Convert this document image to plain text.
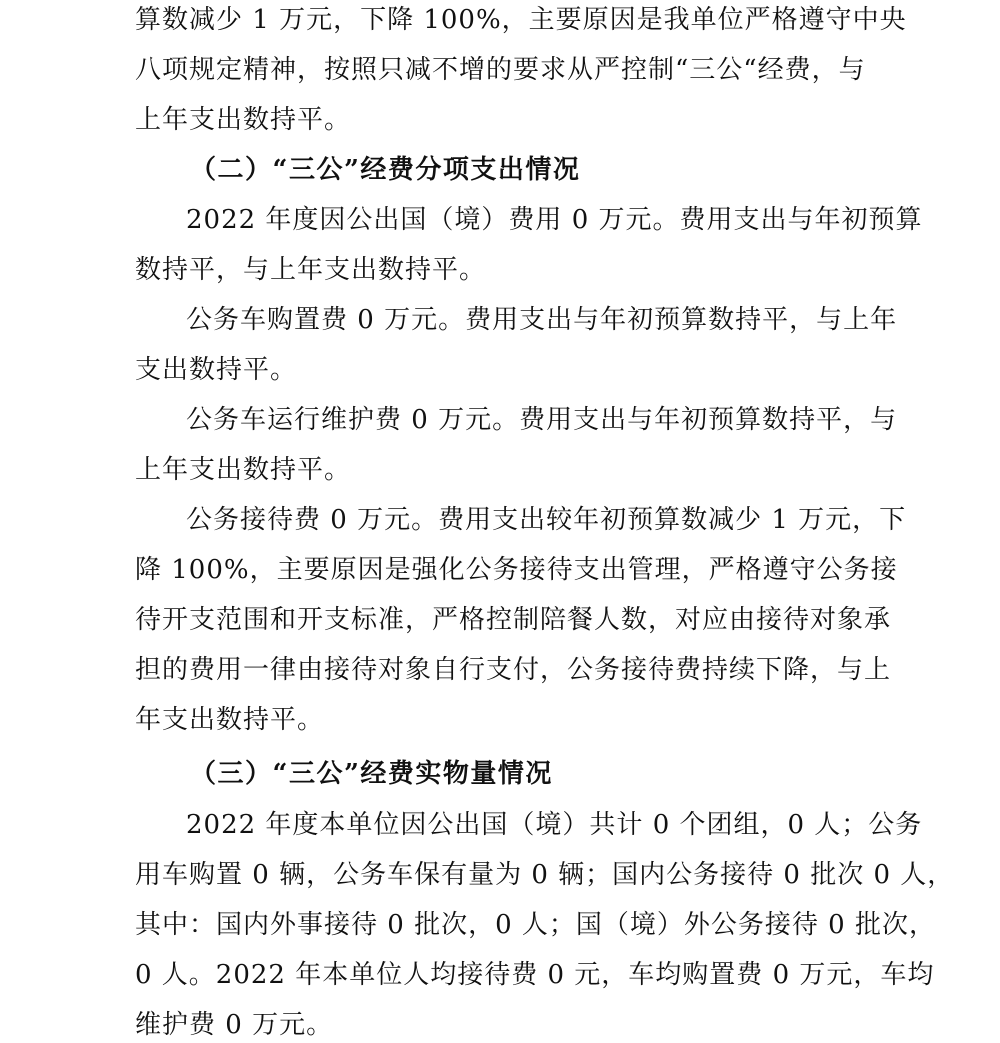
算数减少 1 万元，下降 100%，主要原因是我单位严格遵守中央
八项规定精神，按照只减不增的要求从严控制“三公“经费，与
上年支出数持平。
（二）“三公”经费分项支出情况
2022 年度因公出国（境）费用 0 万元。费用支出与年初预算
数持平，与上年支出数持平。
公务车购置费 0 万元。费用支出与年初预算数持平，与上年
支出数持平。
公务车运行维护费 0 万元。费用支出与年初预算数持平，与
上年支出数持平。
公务接待费 0 万元。费用支出较年初预算数减少 1 万元，下
降 100%，主要原因是强化公务接待支出管理，严格遵守公务接
待开支范围和开支标准，严格控制陪餐人数，对应由接待对象承
担的费用一律由接待对象自行支付，公务接待费持续下降，与上
年支出数持平。
（三）“三公”经费实物量情况
2022 年度本单位因公出国（境）共计 0 个团组，0 人；公务
用车购置 0 辆，公务车保有量为 0 辆；国内公务接待 0 批次 0 人，
其中：国内外事接待 0 批次，0 人；国（境）外公务接待 0 批次，
0 人。2022 年本单位人均接待费 0 元，车均购置费 0 万元，车均
维护费 0 万元。
